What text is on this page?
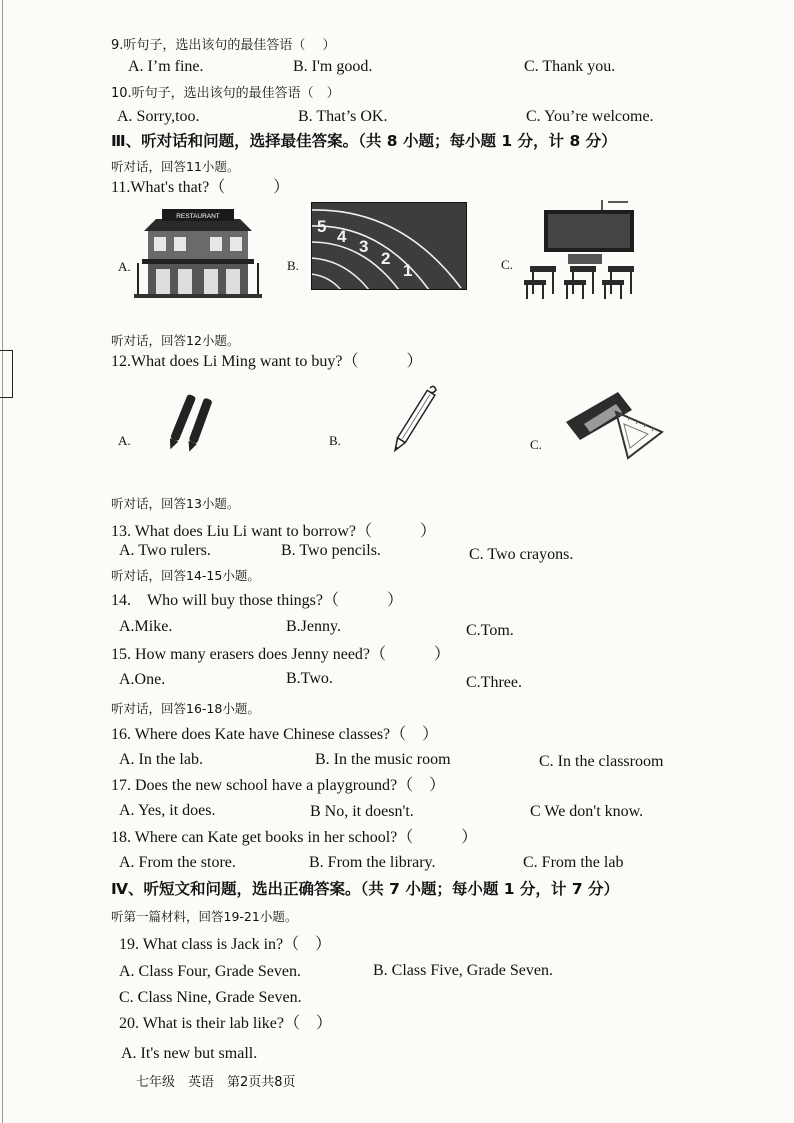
9.听句子，选出该句的最佳答语（　 ）
A. I’m fine.	B. I'm good.	C. Thank you.
10.听句子，选出该句的最佳答语（　）
A. Sorry,too.	B. That’s OK.	C. You’re welcome.
Ⅲ、听对话和问题，选择最佳答案。（共 8 小题；每小题 1 分，计 8 分）
听对话，回答11小题。
11.What's that?（　　　）
A.
RESTAURANT
B.
5
4
3
2
1	C.
听对话，回答12小题。
12.What does Li Ming want to buy?（　　　）
A.	B.	C.
听对话，回答13小题。
13. What does Liu Li want to borrow?（　　　）
A. Two rulers.	B. Two pencils.	C. Two crayons.
听对话，回答14-15小题。
14.　Who will buy those things?（　　　）
A.Mike.	B.Jenny.	C.Tom.
15. How many erasers does Jenny need?（　　　）
A.One.	B.Two.	C.Three.
听对话，回答16-18小题。
16. Where does Kate have Chinese classes?（　）
A. In the lab.	B. In the music room	C. In the classroom
17. Does the new school have a playground?（　）
A. Yes, it does.	B No, it doesn't.	C We don't know.
18. Where can Kate get books in her school?（　　　）
A. From the store.	B. From the library.	C. From the lab
Ⅳ、听短文和问题，选出正确答案。（共 7 小题；每小题 1 分，计 7 分）
听第一篇材料，回答19-21小题。
19. What class is Jack in?（　）
A. Class Four, Grade Seven.	B. Class Five, Grade Seven.
C. Class Nine, Grade Seven.
20. What is their lab like?（　）
A. It's new but small.
七年级　英语　第2页共8页
